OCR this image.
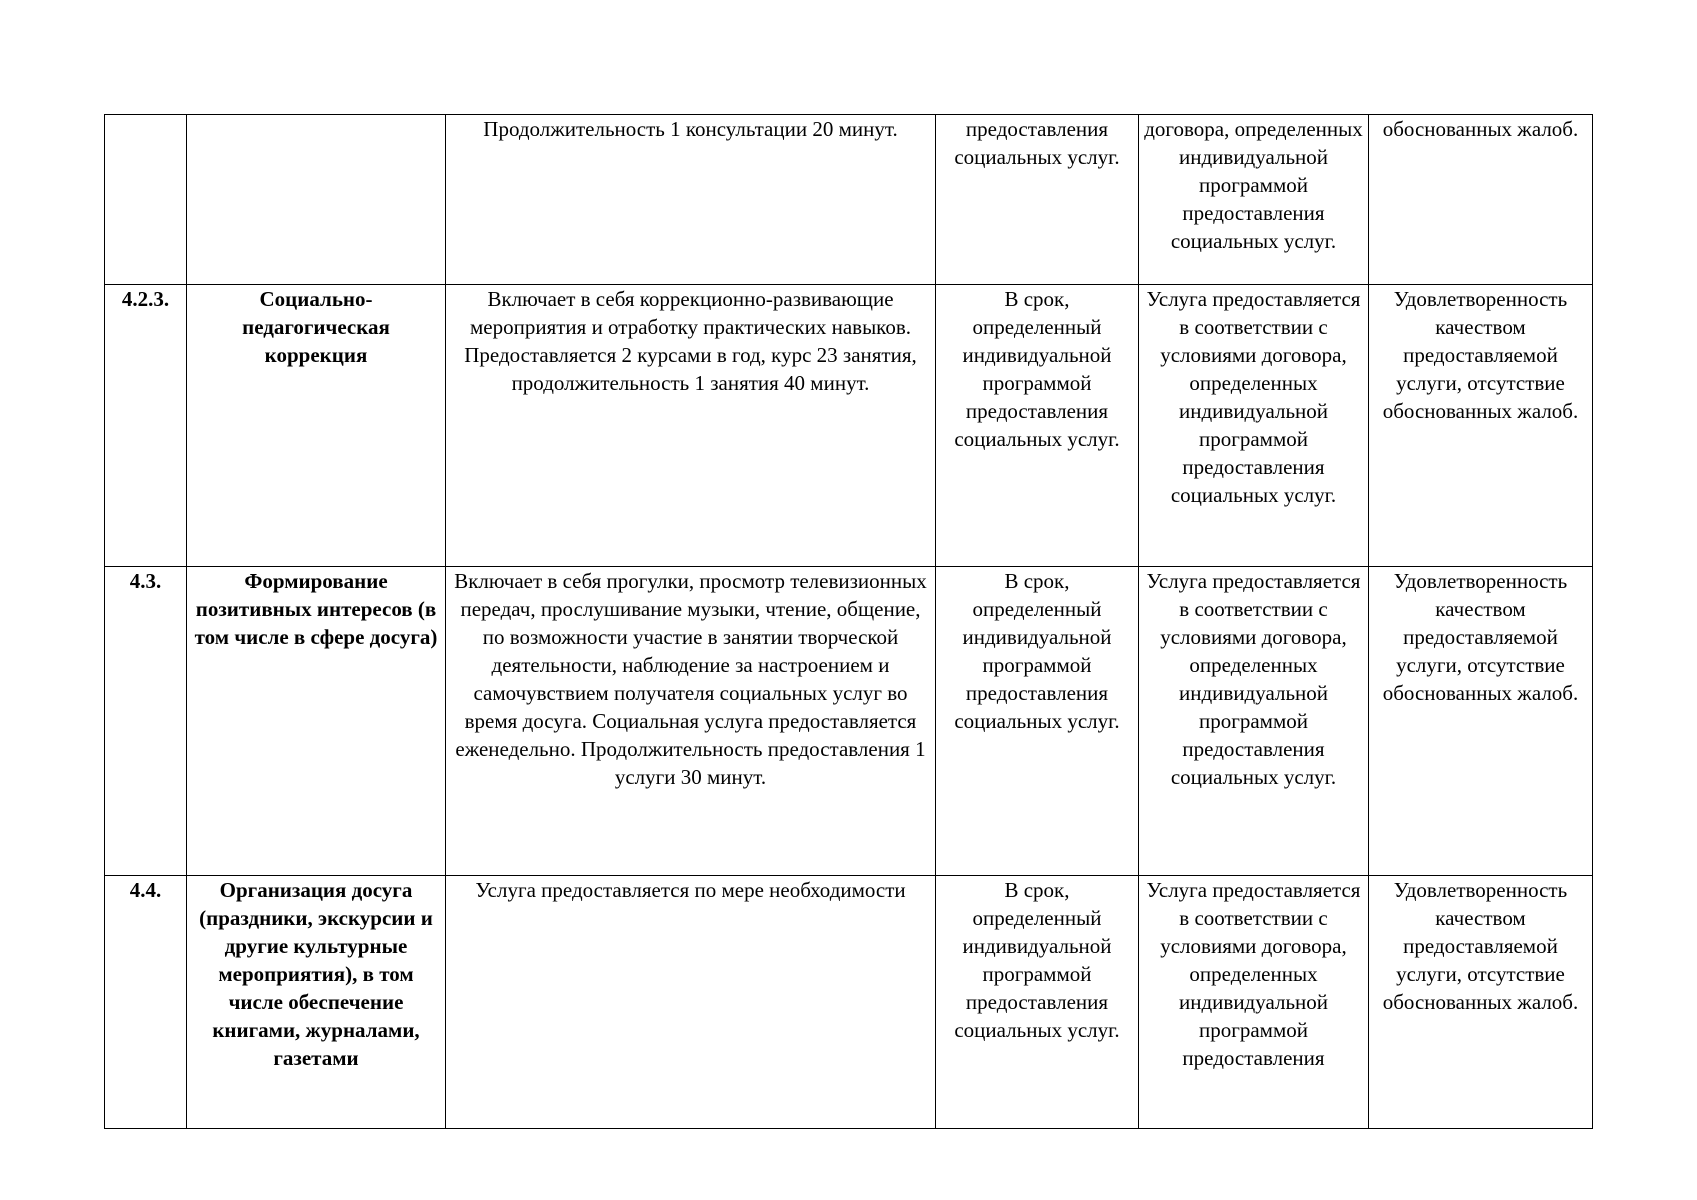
		Продолжительность 1 консультации 20 минут.	предоставления социальных услуг.	договора, определенных индивидуальной программой предоставления социальных услуг.	обоснованных жалоб.
4.2.3.	Социально-педагогическая коррекция	Включает в себя коррекционно-развивающие мероприятия и отработку практических навыков. Предоставляется 2 курсами в год, курс 23 занятия, продолжительность 1 занятия 40 минут.	В срок, определенный индивидуальной программой предоставления социальных услуг.	Услуга предоставляется в соответствии с условиями договора, определенных индивидуальной программой предоставления социальных услуг.	Удовлетворенность качеством предоставляемой услуги, отсутствие обоснованных жалоб.
4.3.	Формирование позитивных интересов (в том числе в сфере досуга)	Включает в себя прогулки, просмотр телевизионных передач, прослушивание музыки, чтение, общение, по возможности участие в занятии творческой деятельности, наблюдение за настроением и самочувствием получателя социальных услуг во время досуга. Социальная услуга предоставляется еженедельно. Продолжительность предоставления 1 услуги 30 минут.	В срок, определенный индивидуальной программой предоставления социальных услуг.	Услуга предоставляется в соответствии с условиями договора, определенных индивидуальной программой предоставления социальных услуг.	Удовлетворенность качеством предоставляемой услуги, отсутствие обоснованных жалоб.
4.4.	Организация досуга (праздники, экскурсии и другие культурные мероприятия), в том числе обеспечение книгами, журналами, газетами	Услуга предоставляется по мере необходимости	В срок, определенный индивидуальной программой предоставления социальных услуг.	Услуга предоставляется в соответствии с условиями договора, определенных индивидуальной программой предоставления	Удовлетворенность качеством предоставляемой услуги, отсутствие обоснованных жалоб.
